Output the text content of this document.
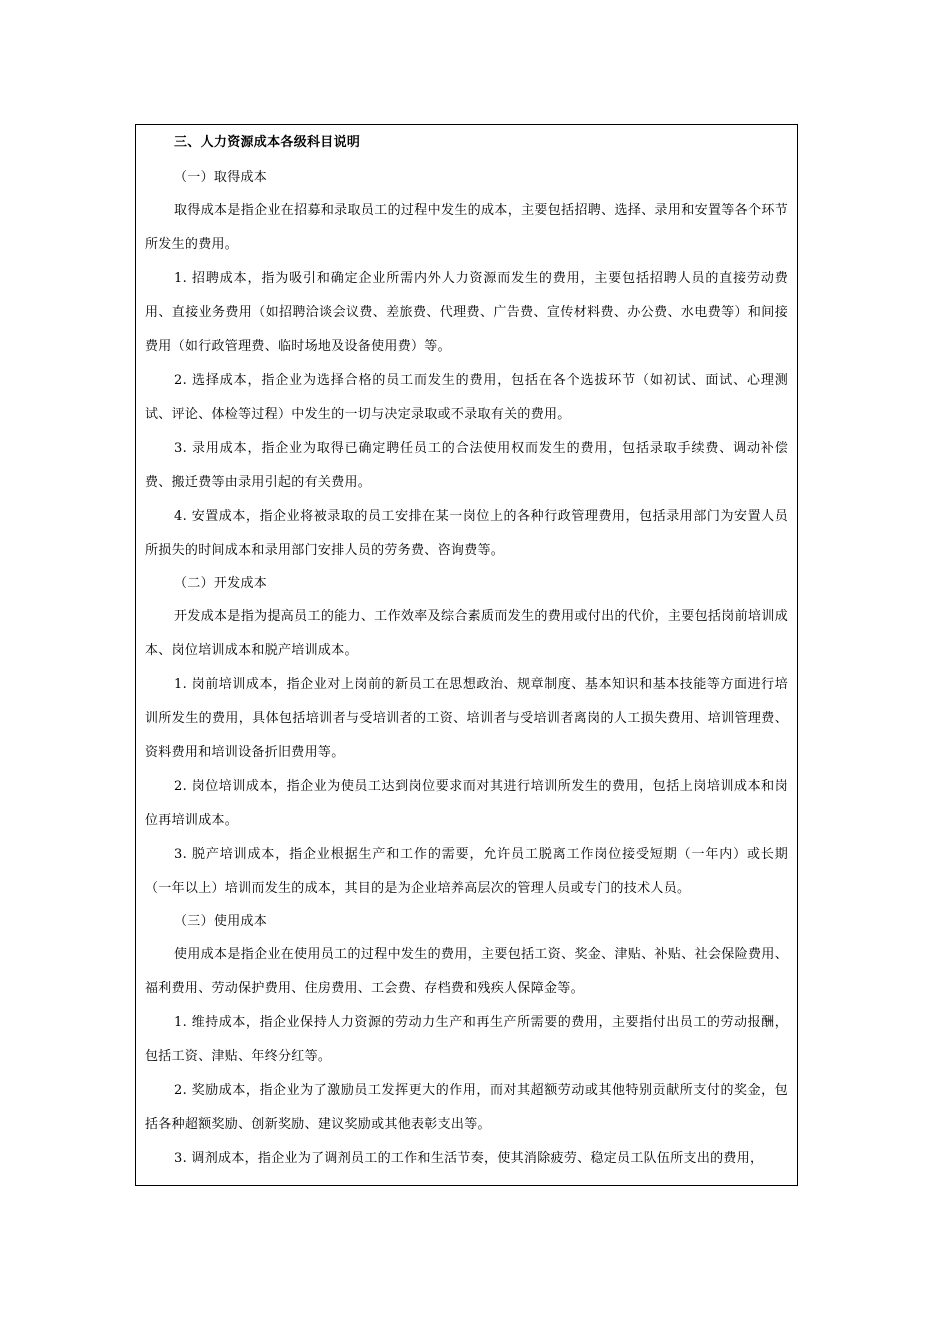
三、人力资源成本各级科目说明

（一）取得成本

取得成本是指企业在招募和录取员工的过程中发生的成本，主要包括招聘、选择、录用和安置等各个环节所发生的费用。

1. 招聘成本，指为吸引和确定企业所需内外人力资源而发生的费用，主要包括招聘人员的直接劳动费用、直接业务费用（如招聘洽谈会议费、差旅费、代理费、广告费、宣传材料费、办公费、水电费等）和间接费用（如行政管理费、临时场地及设备使用费）等。

2. 选择成本，指企业为选择合格的员工而发生的费用，包括在各个选拔环节（如初试、面试、心理测试、评论、体检等过程）中发生的一切与决定录取或不录取有关的费用。

3. 录用成本，指企业为取得已确定聘任员工的合法使用权而发生的费用，包括录取手续费、调动补偿费、搬迁费等由录用引起的有关费用。

4. 安置成本，指企业将被录取的员工安排在某一岗位上的各种行政管理费用，包括录用部门为安置人员所损失的时间成本和录用部门安排人员的劳务费、咨询费等。

（二）开发成本

开发成本是指为提高员工的能力、工作效率及综合素质而发生的费用或付出的代价，主要包括岗前培训成本、岗位培训成本和脱产培训成本。

1. 岗前培训成本，指企业对上岗前的新员工在思想政治、规章制度、基本知识和基本技能等方面进行培训所发生的费用，具体包括培训者与受培训者的工资、培训者与受培训者离岗的人工损失费用、培训管理费、资料费用和培训设备折旧费用等。

2. 岗位培训成本，指企业为使员工达到岗位要求而对其进行培训所发生的费用，包括上岗培训成本和岗位再培训成本。

3. 脱产培训成本，指企业根据生产和工作的需要，允许员工脱离工作岗位接受短期（一年内）或长期（一年以上）培训而发生的成本，其目的是为企业培养高层次的管理人员或专门的技术人员。

（三）使用成本

使用成本是指企业在使用员工的过程中发生的费用，主要包括工资、奖金、津贴、补贴、社会保险费用、福利费用、劳动保护费用、住房费用、工会费、存档费和残疾人保障金等。

1. 维持成本，指企业保持人力资源的劳动力生产和再生产所需要的费用，主要指付出员工的劳动报酬，包括工资、津贴、年终分红等。

2. 奖励成本，指企业为了激励员工发挥更大的作用，而对其超额劳动或其他特别贡献所支付的奖金，包括各种超额奖励、创新奖励、建议奖励或其他表彰支出等。

3. 调剂成本，指企业为了调剂员工的工作和生活节奏，使其消除疲劳、稳定员工队伍所支出的费用，
